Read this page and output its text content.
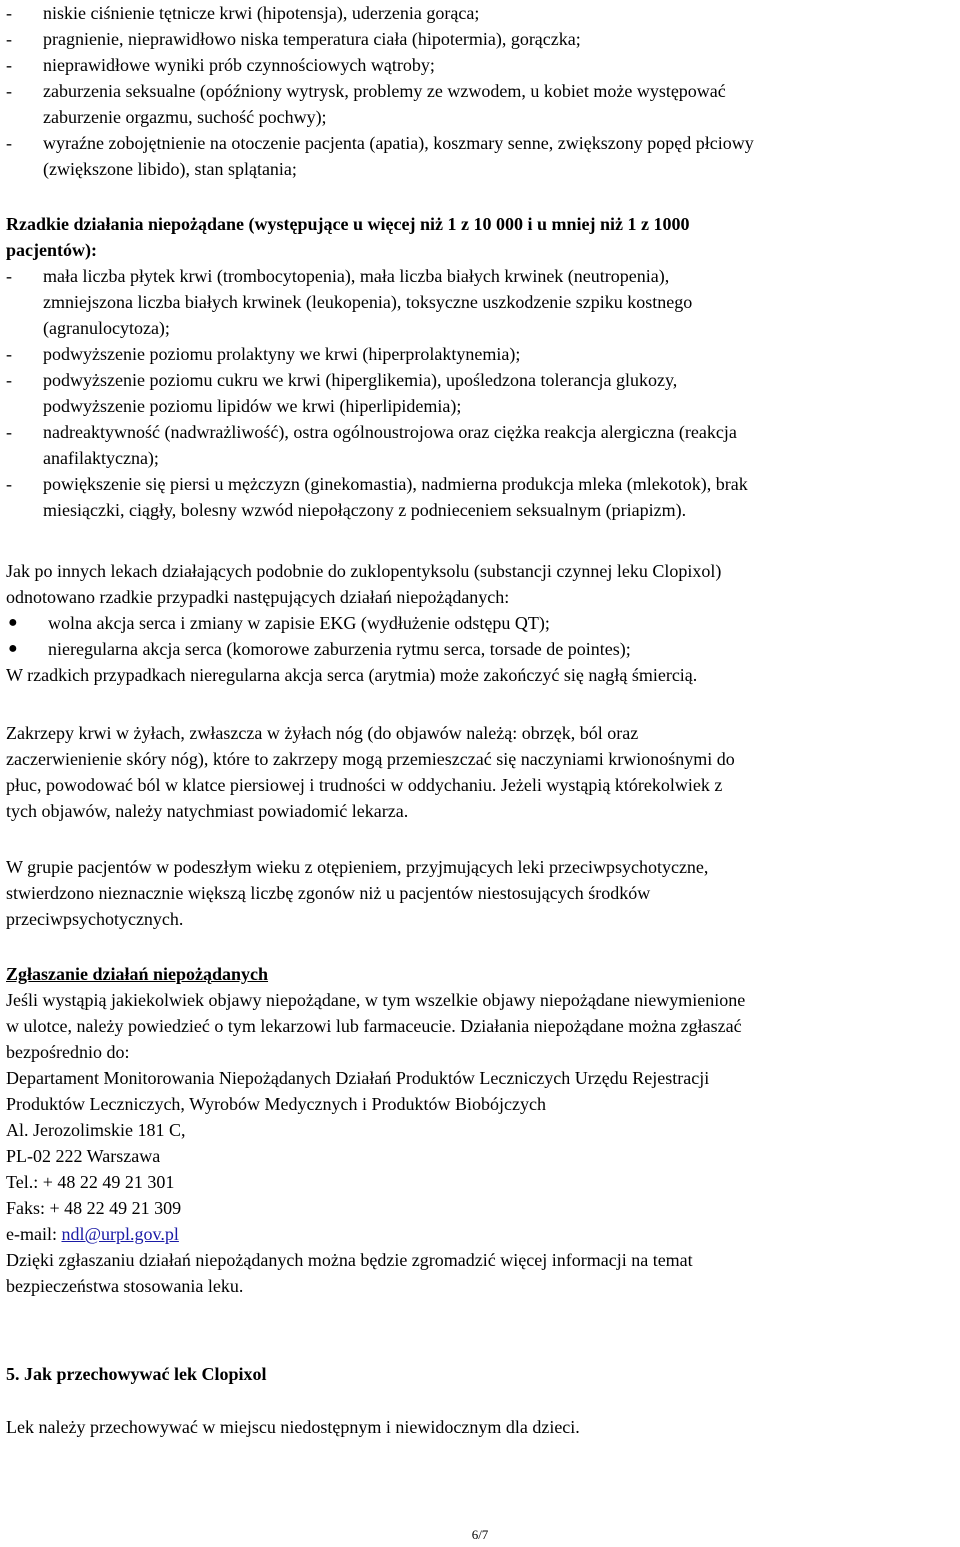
- niskie ciśnienie tętnicze krwi (hipotensja), uderzenia gorąca;
- pragnienie, nieprawidłowo niska temperatura ciała (hipotermia), gorączka;
- nieprawidłowe wyniki prób czynnościowych wątroby;
- zaburzenia seksualne (opóźniony wytrysk, problemy ze wzwodem, u kobiet może występować
zaburzenie orgazmu, suchość pochwy);
- wyraźne zobojętnienie na otoczenie pacjenta (apatia), koszmary senne, zwiększony popęd płciowy
(zwiększone libido), stan splątania;
Rzadkie działania niepożądane (występujące u więcej niż 1 z 10 000 i u mniej niż 1 z 1000
pacjentów):
- mała liczba płytek krwi (trombocytopenia), mała liczba białych krwinek (neutropenia),
zmniejszona liczba białych krwinek (leukopenia), toksyczne uszkodzenie szpiku kostnego
(agranulocytoza);
- podwyższenie poziomu prolaktyny we krwi (hiperprolaktynemia);
- podwyższenie poziomu cukru we krwi (hiperglikemia), upośledzona tolerancja glukozy,
podwyższenie poziomu lipidów we krwi (hiperlipidemia);
- nadreaktywność (nadwrażliwość), ostra ogólnoustrojowa oraz ciężka reakcja alergiczna (reakcja
anafilaktyczna);
- powiększenie się piersi u mężczyzn (ginekomastia), nadmierna produkcja mleka (mlekotok), brak
miesiączki, ciągły, bolesny wzwód niepołączony z podnieceniem seksualnym (priapizm).
Jak po innych lekach działających podobnie do zuklopentyksolu (substancji czynnej leku Clopixol)
odnotowano rzadkie przypadki następujących działań niepożądanych:
● wolna akcja serca i zmiany w zapisie EKG (wydłużenie odstępu QT);
● nieregularna akcja serca (komorowe zaburzenia rytmu serca, torsade de pointes);
W rzadkich przypadkach nieregularna akcja serca (arytmia) może zakończyć się nagłą śmiercią.
Zakrzepy krwi w żyłach, zwłaszcza w żyłach nóg (do objawów należą: obrzęk, ból oraz
zaczerwienienie skóry nóg), które to zakrzepy mogą przemieszczać się naczyniami krwionośnymi do
płuc, powodować ból w klatce piersiowej i trudności w oddychaniu. Jeżeli wystąpią którekolwiek z
tych objawów, należy natychmiast powiadomić lekarza.
W grupie pacjentów w podeszłym wieku z otępieniem, przyjmujących leki przeciwpsychotyczne,
stwierdzono nieznacznie większą liczbę zgonów niż u pacjentów niestosujących środków
przeciwpsychotycznych.
Zgłaszanie działań niepożądanych
Jeśli wystąpią jakiekolwiek objawy niepożądane, w tym wszelkie objawy niepożądane niewymienione
w ulotce, należy powiedzieć o tym lekarzowi lub farmaceucie. Działania niepożądane można zgłaszać
bezpośrednio do:
Departament Monitorowania Niepożądanych Działań Produktów Leczniczych Urzędu Rejestracji
Produktów Leczniczych, Wyrobów Medycznych i Produktów Biobójczych
Al. Jerozolimskie 181 C,
PL-02 222 Warszawa
Tel.: + 48 22 49 21 301
Faks: + 48 22 49 21 309
e-mail: ndl@urpl.gov.pl
Dzięki zgłaszaniu działań niepożądanych można będzie zgromadzić więcej informacji na temat
bezpieczeństwa stosowania leku.
5. Jak przechowywać lek Clopixol
Lek należy przechowywać w miejscu niedostępnym i niewidocznym dla dzieci.
6/7
